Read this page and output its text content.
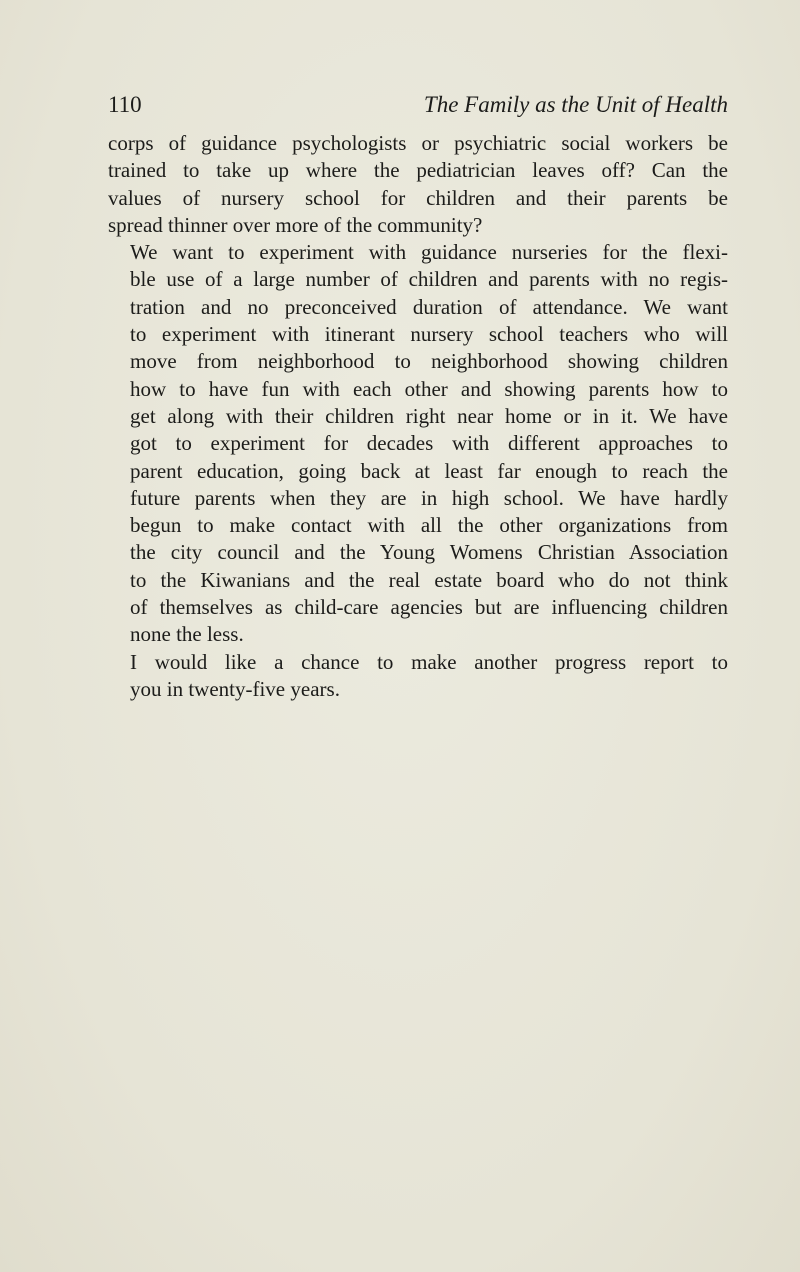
110	The Family as the Unit of Health

corps of guidance psychologists or psychiatric social workers be
trained to take up where the pediatrician leaves off? Can the
values of nursery school for children and their parents be
spread thinner over more of the community?

We want to experiment with guidance nurseries for the flexi-
ble use of a large number of children and parents with no regis-
tration and no preconceived duration of attendance. We want
to experiment with itinerant nursery school teachers who will
move from neighborhood to neighborhood showing children
how to have fun with each other and showing parents how to
get along with their children right near home or in it. We have
got to experiment for decades with different approaches to
parent education, going back at least far enough to reach the
future parents when they are in high school. We have hardly
begun to make contact with all the other organizations from
the city council and the Young Womens Christian Association
to the Kiwanians and the real estate board who do not think
of themselves as child-care agencies but are influencing children
none the less.

I would like a chance to make another progress report to
you in twenty-five years.
